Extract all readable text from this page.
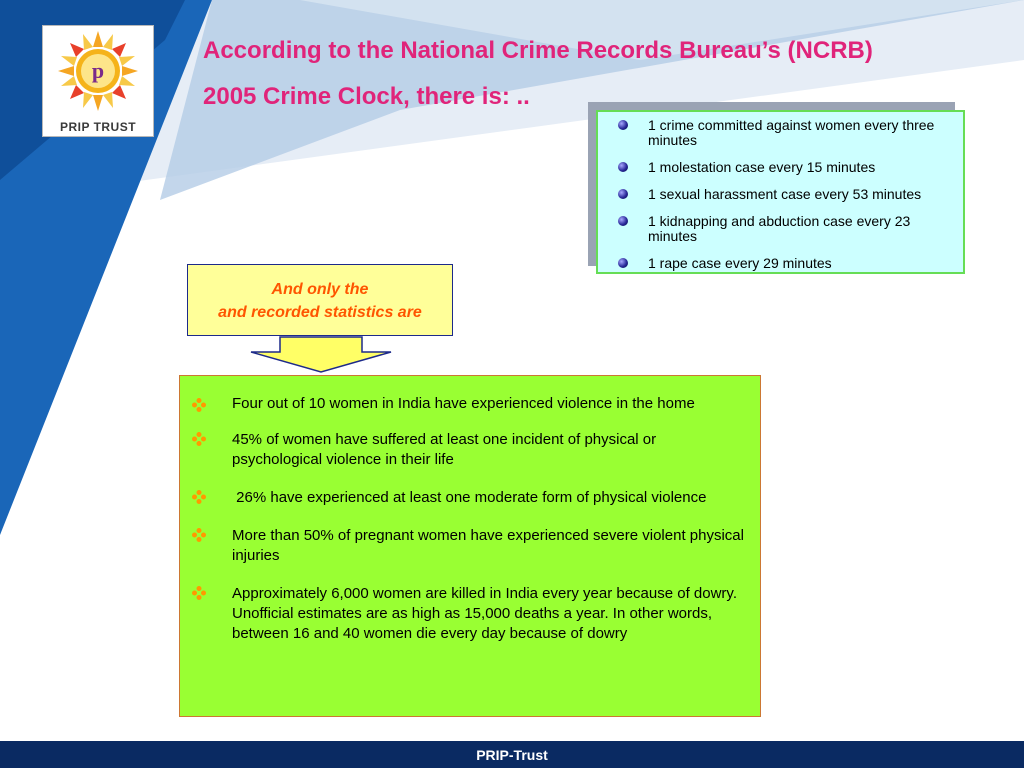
p
PRIP TRUST
According to the National Crime Records Bureau’s (NCRB)
2005 Crime Clock, there is: ..
1 crime committed against women every three minutes
1 molestation case every 15 minutes
1 sexual harassment case every 53 minutes
1 kidnapping and abduction case every 23 minutes
1 rape case every 29 minutes
And only the
and recorded statistics are
Four out of 10 women in India have experienced violence in the home
45% of women have suffered at least one incident of physical or psychological violence in their life
26% have experienced at least one moderate form of physical violence
More than 50% of pregnant women have experienced severe violent physical injuries
Approximately 6,000 women are killed in India every year because of dowry. Unofficial estimates are as high as 15,000 deaths a year. In other words, between 16 and 40 women die every day because of dowry
PRIP-Trust
